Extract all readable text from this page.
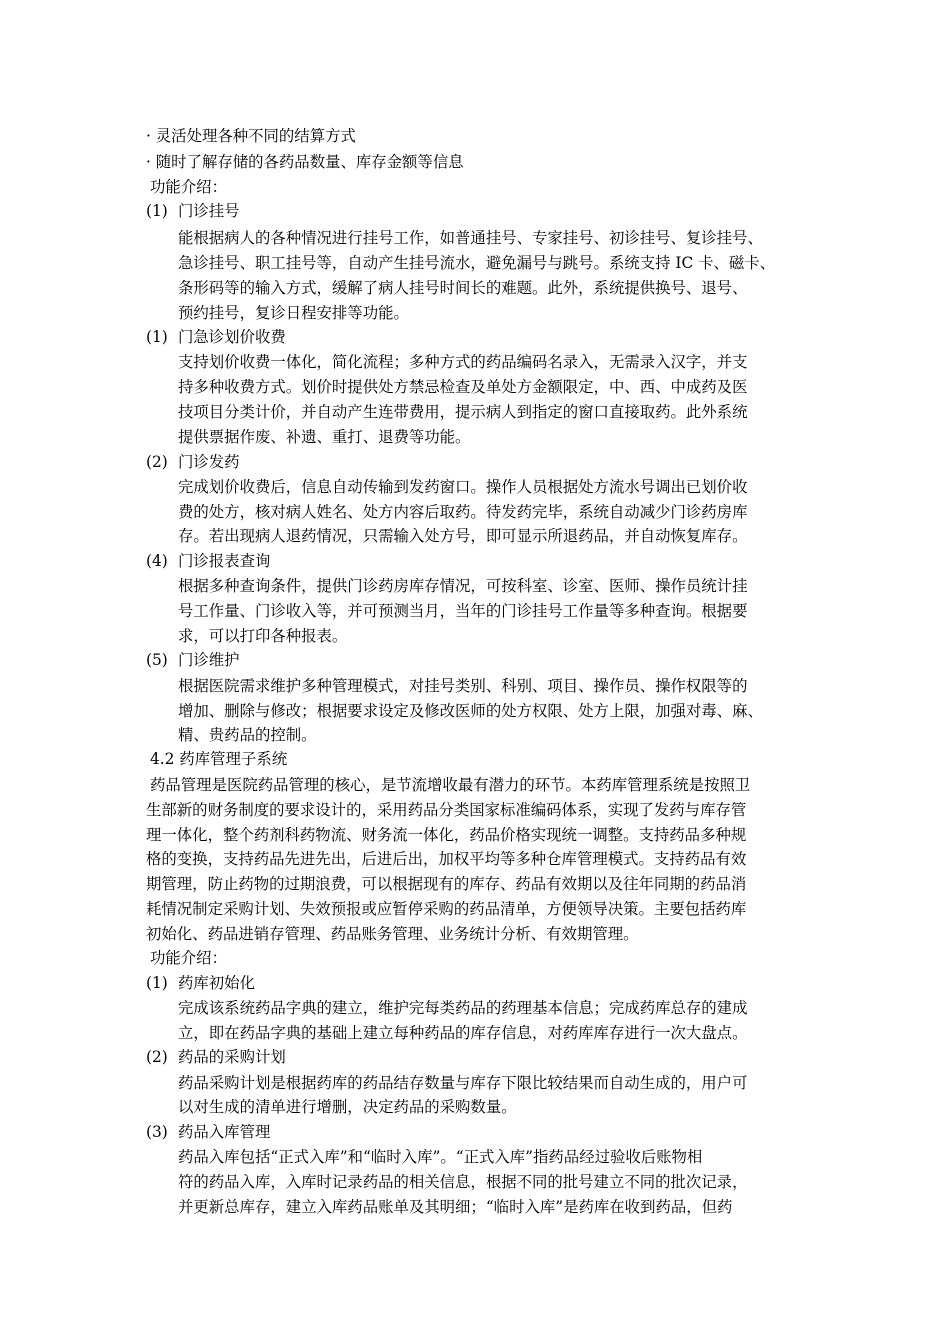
· 灵活处理各种不同的结算方式
· 随时了解存储的各药品数量、库存金额等信息
功能介绍：
(1) 门诊挂号
能根据病人的各种情况进行挂号工作，如普通挂号、专家挂号、初诊挂号、复诊挂号、
急诊挂号、职工挂号等，自动产生挂号流水，避免漏号与跳号。系统支持 IC 卡、磁卡、
条形码等的输入方式，缓解了病人挂号时间长的难题。此外，系统提供换号、退号、
预约挂号，复诊日程安排等功能。
(1) 门急诊划价收费
支持划价收费一体化，简化流程；多种方式的药品编码名录入，无需录入汉字，并支
持多种收费方式。划价时提供处方禁忌检查及单处方金额限定，中、西、中成药及医
技项目分类计价，并自动产生连带费用，提示病人到指定的窗口直接取药。此外系统
提供票据作废、补遗、重打、退费等功能。
(2) 门诊发药
完成划价收费后，信息自动传输到发药窗口。操作人员根据处方流水号调出已划价收
费的处方，核对病人姓名、处方内容后取药。待发药完毕，系统自动减少门诊药房库
存。若出现病人退药情况，只需输入处方号，即可显示所退药品，并自动恢复库存。
(4) 门诊报表查询
根据多种查询条件，提供门诊药房库存情况，可按科室、诊室、医师、操作员统计挂
号工作量、门诊收入等，并可预测当月，当年的门诊挂号工作量等多种查询。根据要
求，可以打印各种报表。
(5) 门诊维护
根据医院需求维护多种管理模式，对挂号类别、科别、项目、操作员、操作权限等的
增加、删除与修改；根据要求设定及修改医师的处方权限、处方上限，加强对毒、麻、
精、贵药品的控制。
4.2 药库管理子系统
药品管理是医院药品管理的核心，是节流增收最有潜力的环节。本药库管理系统是按照卫
生部新的财务制度的要求设计的，采用药品分类国家标准编码体系，实现了发药与库存管
理一体化，整个药剂科药物流、财务流一体化，药品价格实现统一调整。支持药品多种规
格的变换，支持药品先进先出，后进后出，加权平均等多种仓库管理模式。支持药品有效
期管理，防止药物的过期浪费，可以根据现有的库存、药品有效期以及往年同期的药品消
耗情况制定采购计划、失效预报或应暂停采购的药品清单，方便领导决策。主要包括药库
初始化、药品进销存管理、药品账务管理、业务统计分析、有效期管理。
功能介绍：
(1) 药库初始化
完成该系统药品字典的建立，维护完每类药品的药理基本信息；完成药库总存的建成
立，即在药品字典的基础上建立每种药品的库存信息，对药库库存进行一次大盘点。
(2) 药品的采购计划
药品采购计划是根据药库的药品结存数量与库存下限比较结果而自动生成的，用户可
以对生成的清单进行增删，决定药品的采购数量。
(3) 药品入库管理
药品入库包括“正式入库”和“临时入库”。“正式入库”指药品经过验收后账物相
符的药品入库，入库时记录药品的相关信息，根据不同的批号建立不同的批次记录，
并更新总库存，建立入库药品账单及其明细；“临时入库”是药库在收到药品，但药
